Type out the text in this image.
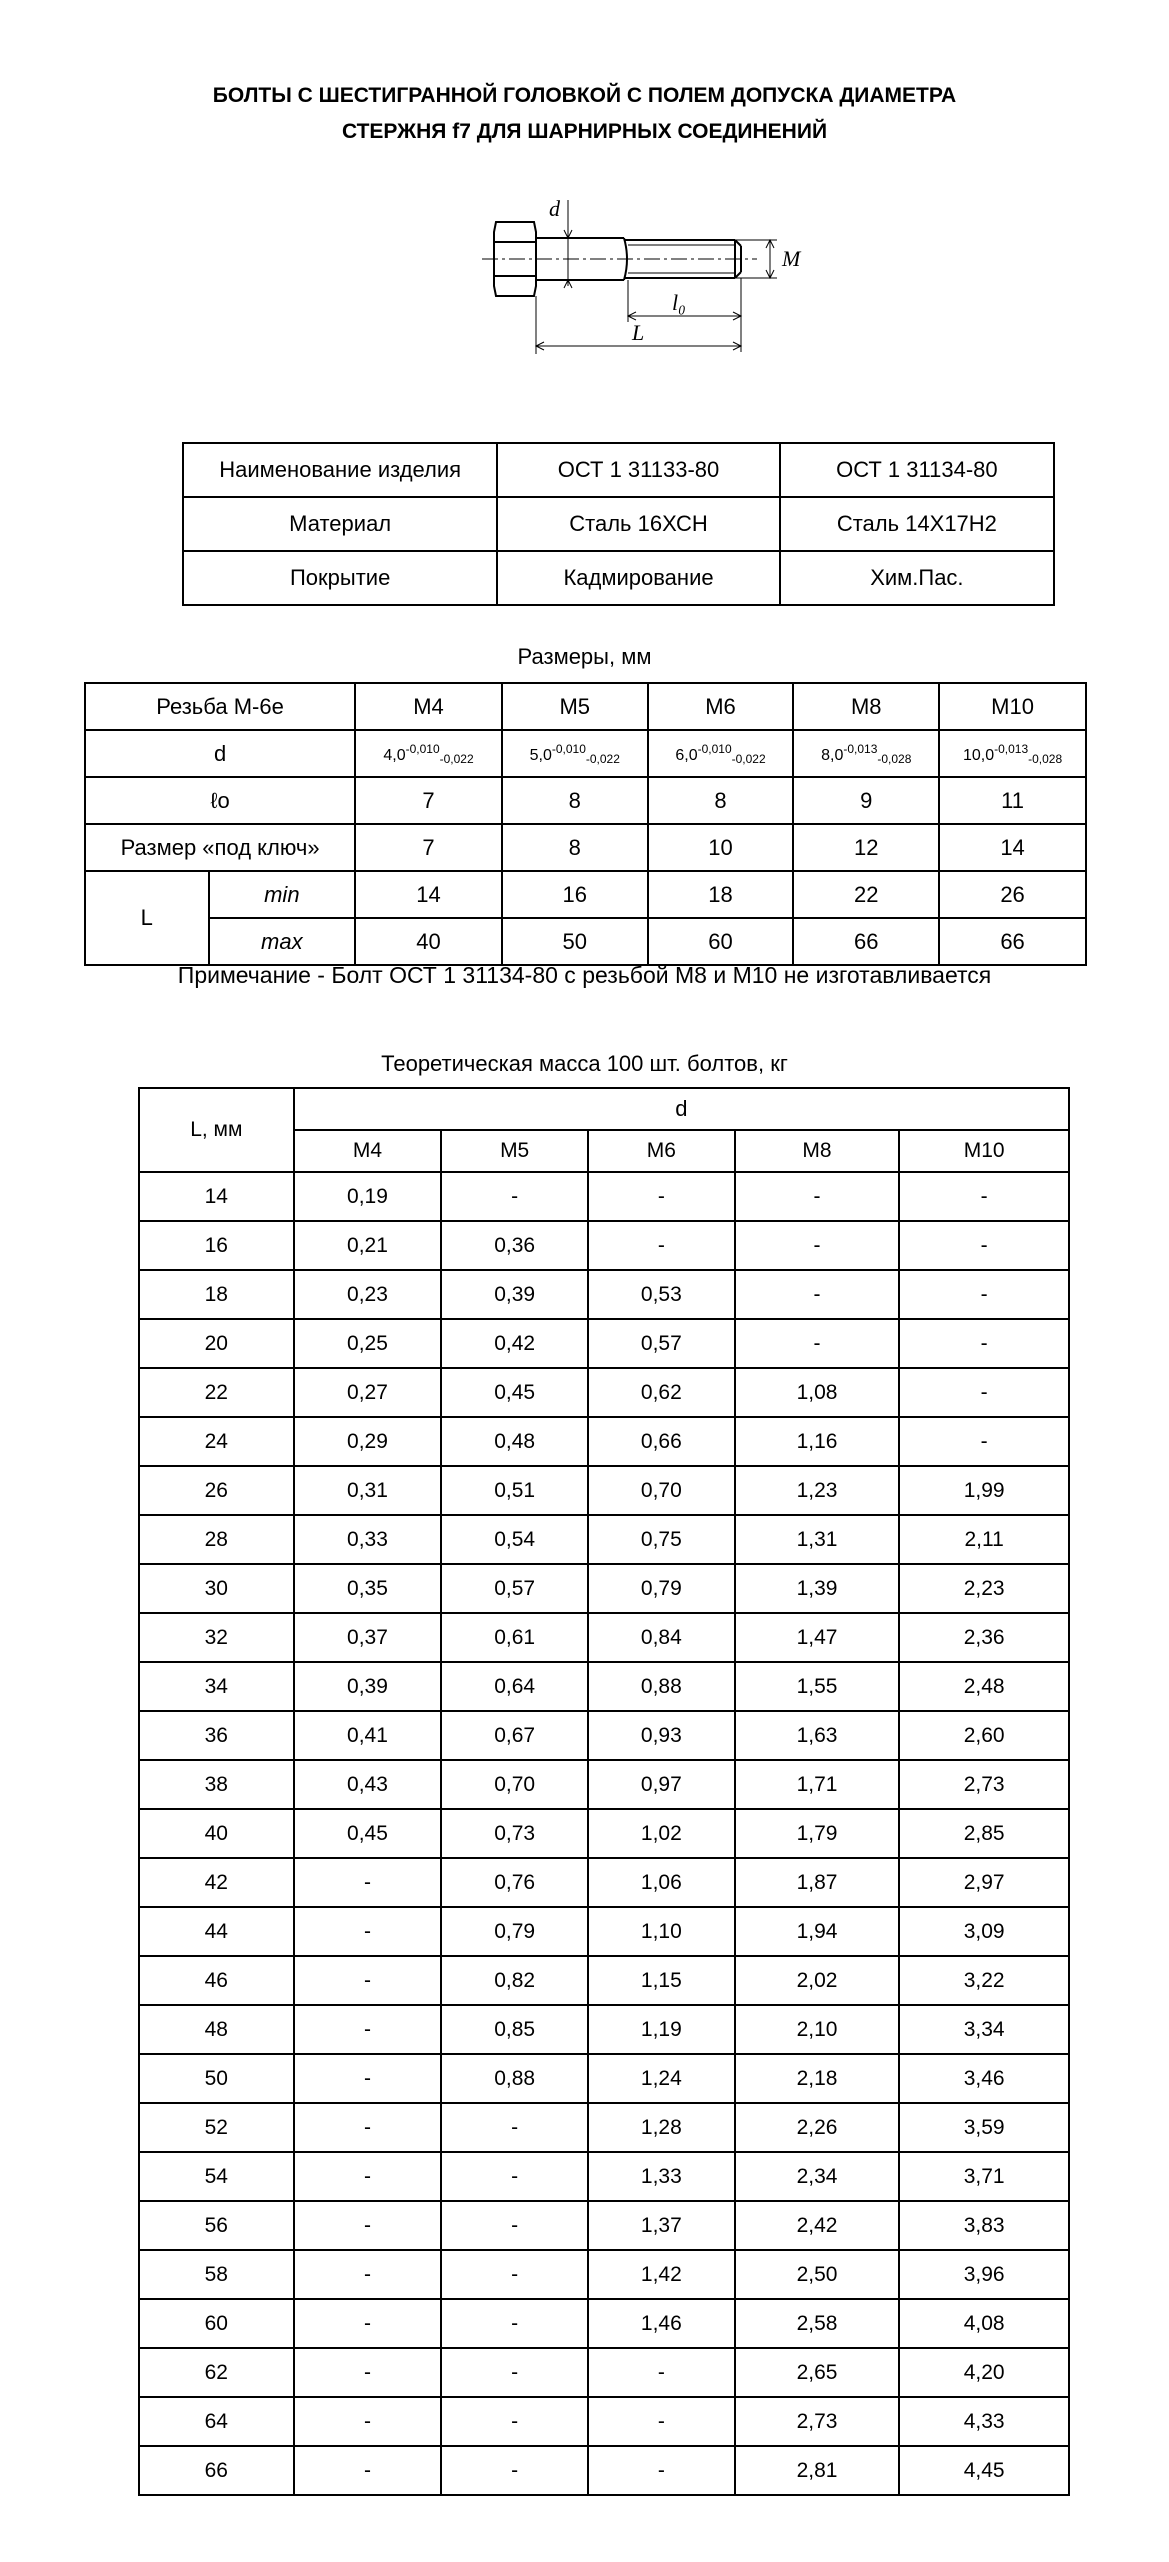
БОЛТЫ С ШЕСТИГРАННОЙ ГОЛОВКОЙ С ПОЛЕМ ДОПУСКА ДИАМЕТРА
СТЕРЖНЯ f7 ДЛЯ ШАРНИРНЫХ СОЕДИНЕНИЙ
d
M
l₀
L
Наименование изделия	ОСТ 1 31133-80	ОСТ 1 31134-80
Материал	Сталь 16ХСН	Сталь 14Х17Н2
Покрытие	Кадмирование	Хим.Пас.
Размеры, мм
Резьба М-6е		М4	М5	М6	М8	М10
d		$4,0^{-0,010}_{-0,022}$	$5,0^{-0,010}_{-0,022}$	$6,0^{-0,010}_{-0,022}$	$8,0^{-0,013}_{-0,028}$	$10,0^{-0,013}_{-0,028}$
ℓo		7	8	8	9	11
Размер «под ключ»		7	8	10	12	14
L	min	14	16	18	22	26
	max	40	50	60	66	66
Примечание - Болт ОСТ 1 31134-80 с резьбой М8 и М10 не изготавливается
Теоретическая масса 100 шт. болтов, кг
L, мм	d				
	М4	М5	М6	М8	М10
14	0,19	-	-	-	-
16	0,21	0,36	-	-	-
18	0,23	0,39	0,53	-	-
20	0,25	0,42	0,57	-	-
22	0,27	0,45	0,62	1,08	-
24	0,29	0,48	0,66	1,16	-
26	0,31	0,51	0,70	1,23	1,99
28	0,33	0,54	0,75	1,31	2,11
30	0,35	0,57	0,79	1,39	2,23
32	0,37	0,61	0,84	1,47	2,36
34	0,39	0,64	0,88	1,55	2,48
36	0,41	0,67	0,93	1,63	2,60
38	0,43	0,70	0,97	1,71	2,73
40	0,45	0,73	1,02	1,79	2,85
42	-	0,76	1,06	1,87	2,97
44	-	0,79	1,10	1,94	3,09
46	-	0,82	1,15	2,02	3,22
48	-	0,85	1,19	2,10	3,34
50	-	0,88	1,24	2,18	3,46
52	-	-	1,28	2,26	3,59
54	-	-	1,33	2,34	3,71
56	-	-	1,37	2,42	3,83
58	-	-	1,42	2,50	3,96
60	-	-	1,46	2,58	4,08
62	-	-	-	2,65	4,20
64	-	-	-	2,73	4,33
66	-	-	-	2,81	4,45
